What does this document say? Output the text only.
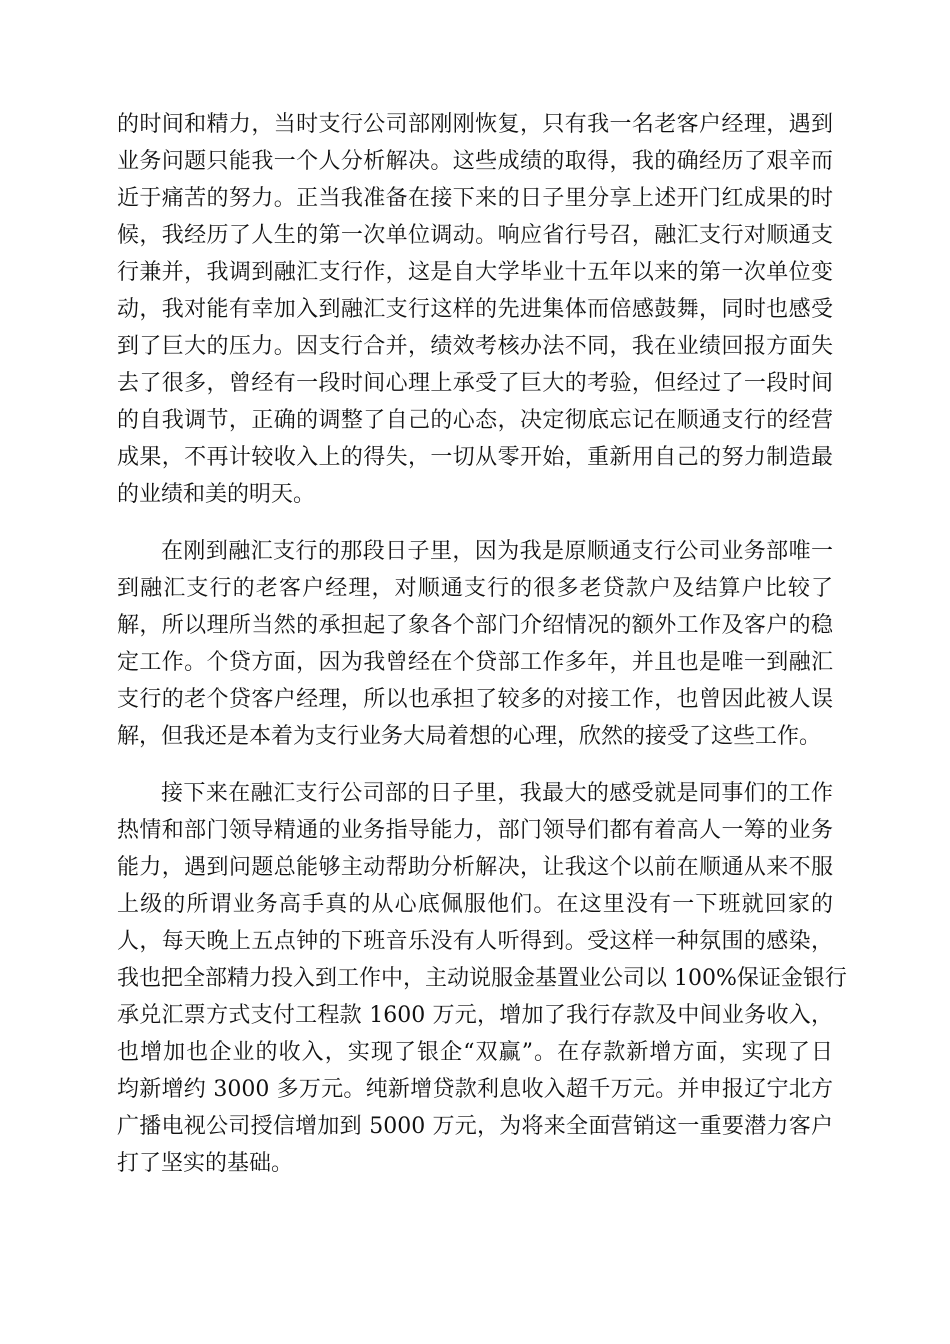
的时间和精力，当时支行公司部刚刚恢复，只有我一名老客户经理，遇到
业务问题只能我一个人分析解决。这些成绩的取得，我的确经历了艰辛而
近于痛苦的努力。正当我准备在接下来的日子里分享上述开门红成果的时
候，我经历了人生的第一次单位调动。响应省行号召，融汇支行对顺通支
行兼并，我调到融汇支行作，这是自大学毕业十五年以来的第一次单位变
动，我对能有幸加入到融汇支行这样的先进集体而倍感鼓舞，同时也感受
到了巨大的压力。因支行合并，绩效考核办法不同，我在业绩回报方面失
去了很多，曾经有一段时间心理上承受了巨大的考验，但经过了一段时间
的自我调节，正确的调整了自己的心态，决定彻底忘记在顺通支行的经营
成果，不再计较收入上的得失，一切从零开始，重新用自己的努力制造最
的业绩和美的明天。
在刚到融汇支行的那段日子里，因为我是原顺通支行公司业务部唯一
到融汇支行的老客户经理，对顺通支行的很多老贷款户及结算户比较了
解，所以理所当然的承担起了象各个部门介绍情况的额外工作及客户的稳
定工作。个贷方面，因为我曾经在个贷部工作多年，并且也是唯一到融汇
支行的老个贷客户经理，所以也承担了较多的对接工作，也曾因此被人误
解，但我还是本着为支行业务大局着想的心理，欣然的接受了这些工作。
接下来在融汇支行公司部的日子里，我最大的感受就是同事们的工作
热情和部门领导精通的业务指导能力，部门领导们都有着高人一筹的业务
能力，遇到问题总能够主动帮助分析解决，让我这个以前在顺通从来不服
上级的所谓业务高手真的从心底佩服他们。在这里没有一下班就回家的
人，每天晚上五点钟的下班音乐没有人听得到。受这样一种氛围的感染，
我也把全部精力投入到工作中，主动说服金基置业公司以 100%保证金银行
承兑汇票方式支付工程款 1600 万元，增加了我行存款及中间业务收入，
也增加也企业的收入，实现了银企“双赢”。在存款新增方面，实现了日
均新增约 3000 多万元。纯新增贷款利息收入超千万元。并申报辽宁北方
广播电视公司授信增加到 5000 万元，为将来全面营销这一重要潜力客户
打了坚实的基础。
